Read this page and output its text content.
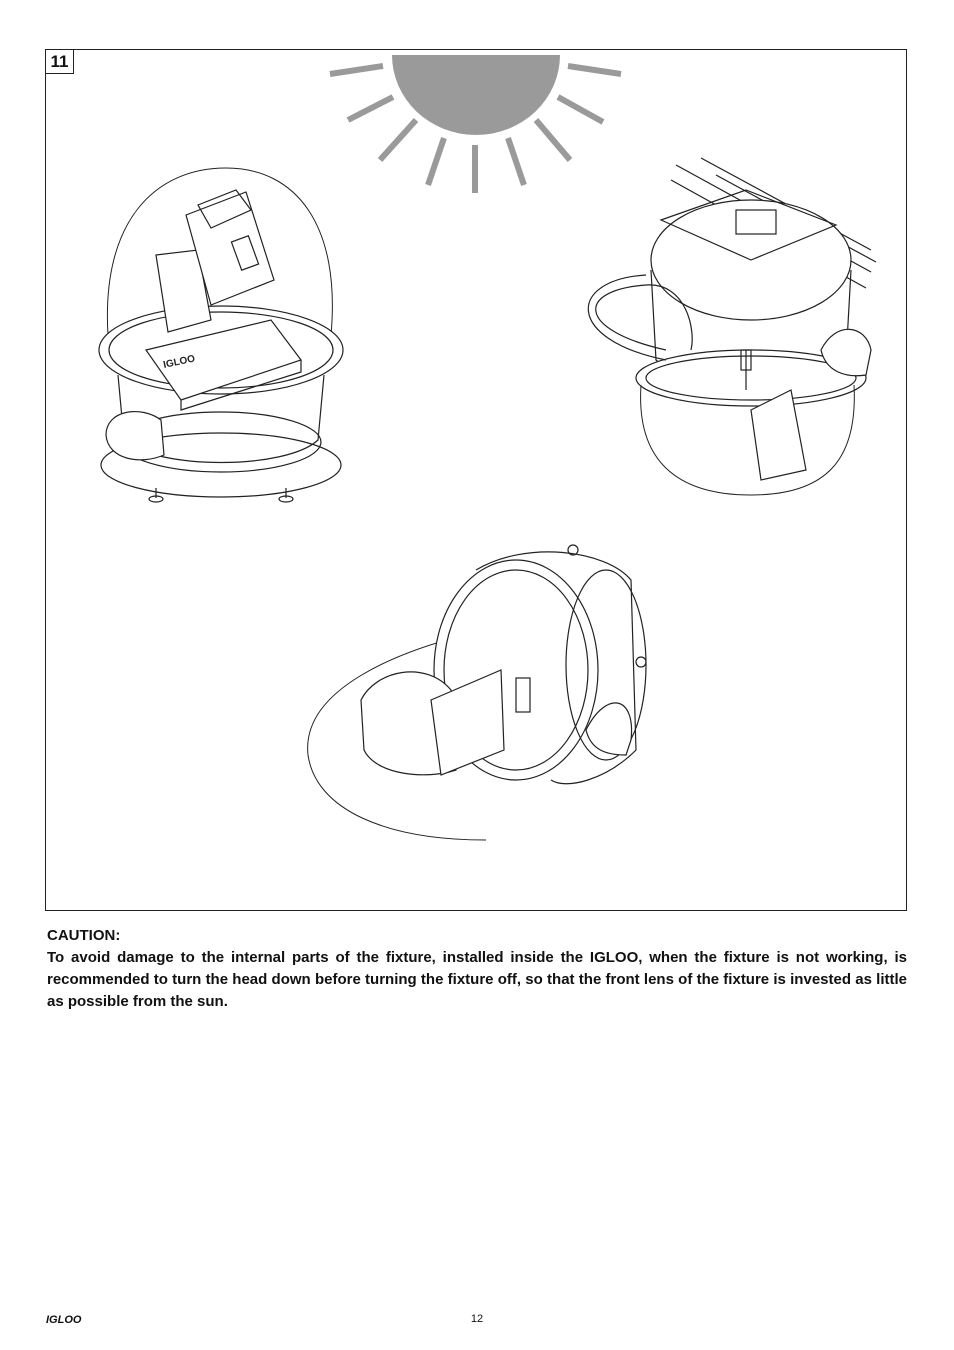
IGLOO
11

CAUTION:

To avoid damage to the internal parts of the fixture, installed inside the IGLOO, when the fixture is not working, is recommended to turn the head down before turning the fixture off, so that the front lens of the fixture is invested as little as possible from the sun.

IGLOO	12
